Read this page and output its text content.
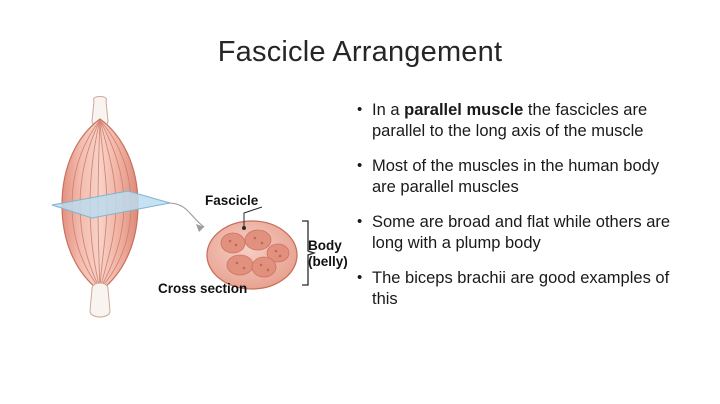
Fascicle Arrangement
Fascicle
Body
(belly)
Cross section
• In a parallel muscle the fascicles are parallel to the long axis of the muscle
• Most of the muscles in the human body are parallel muscles
• Some are broad and flat while others are long with a plump body
• The biceps brachii are good examples of this
